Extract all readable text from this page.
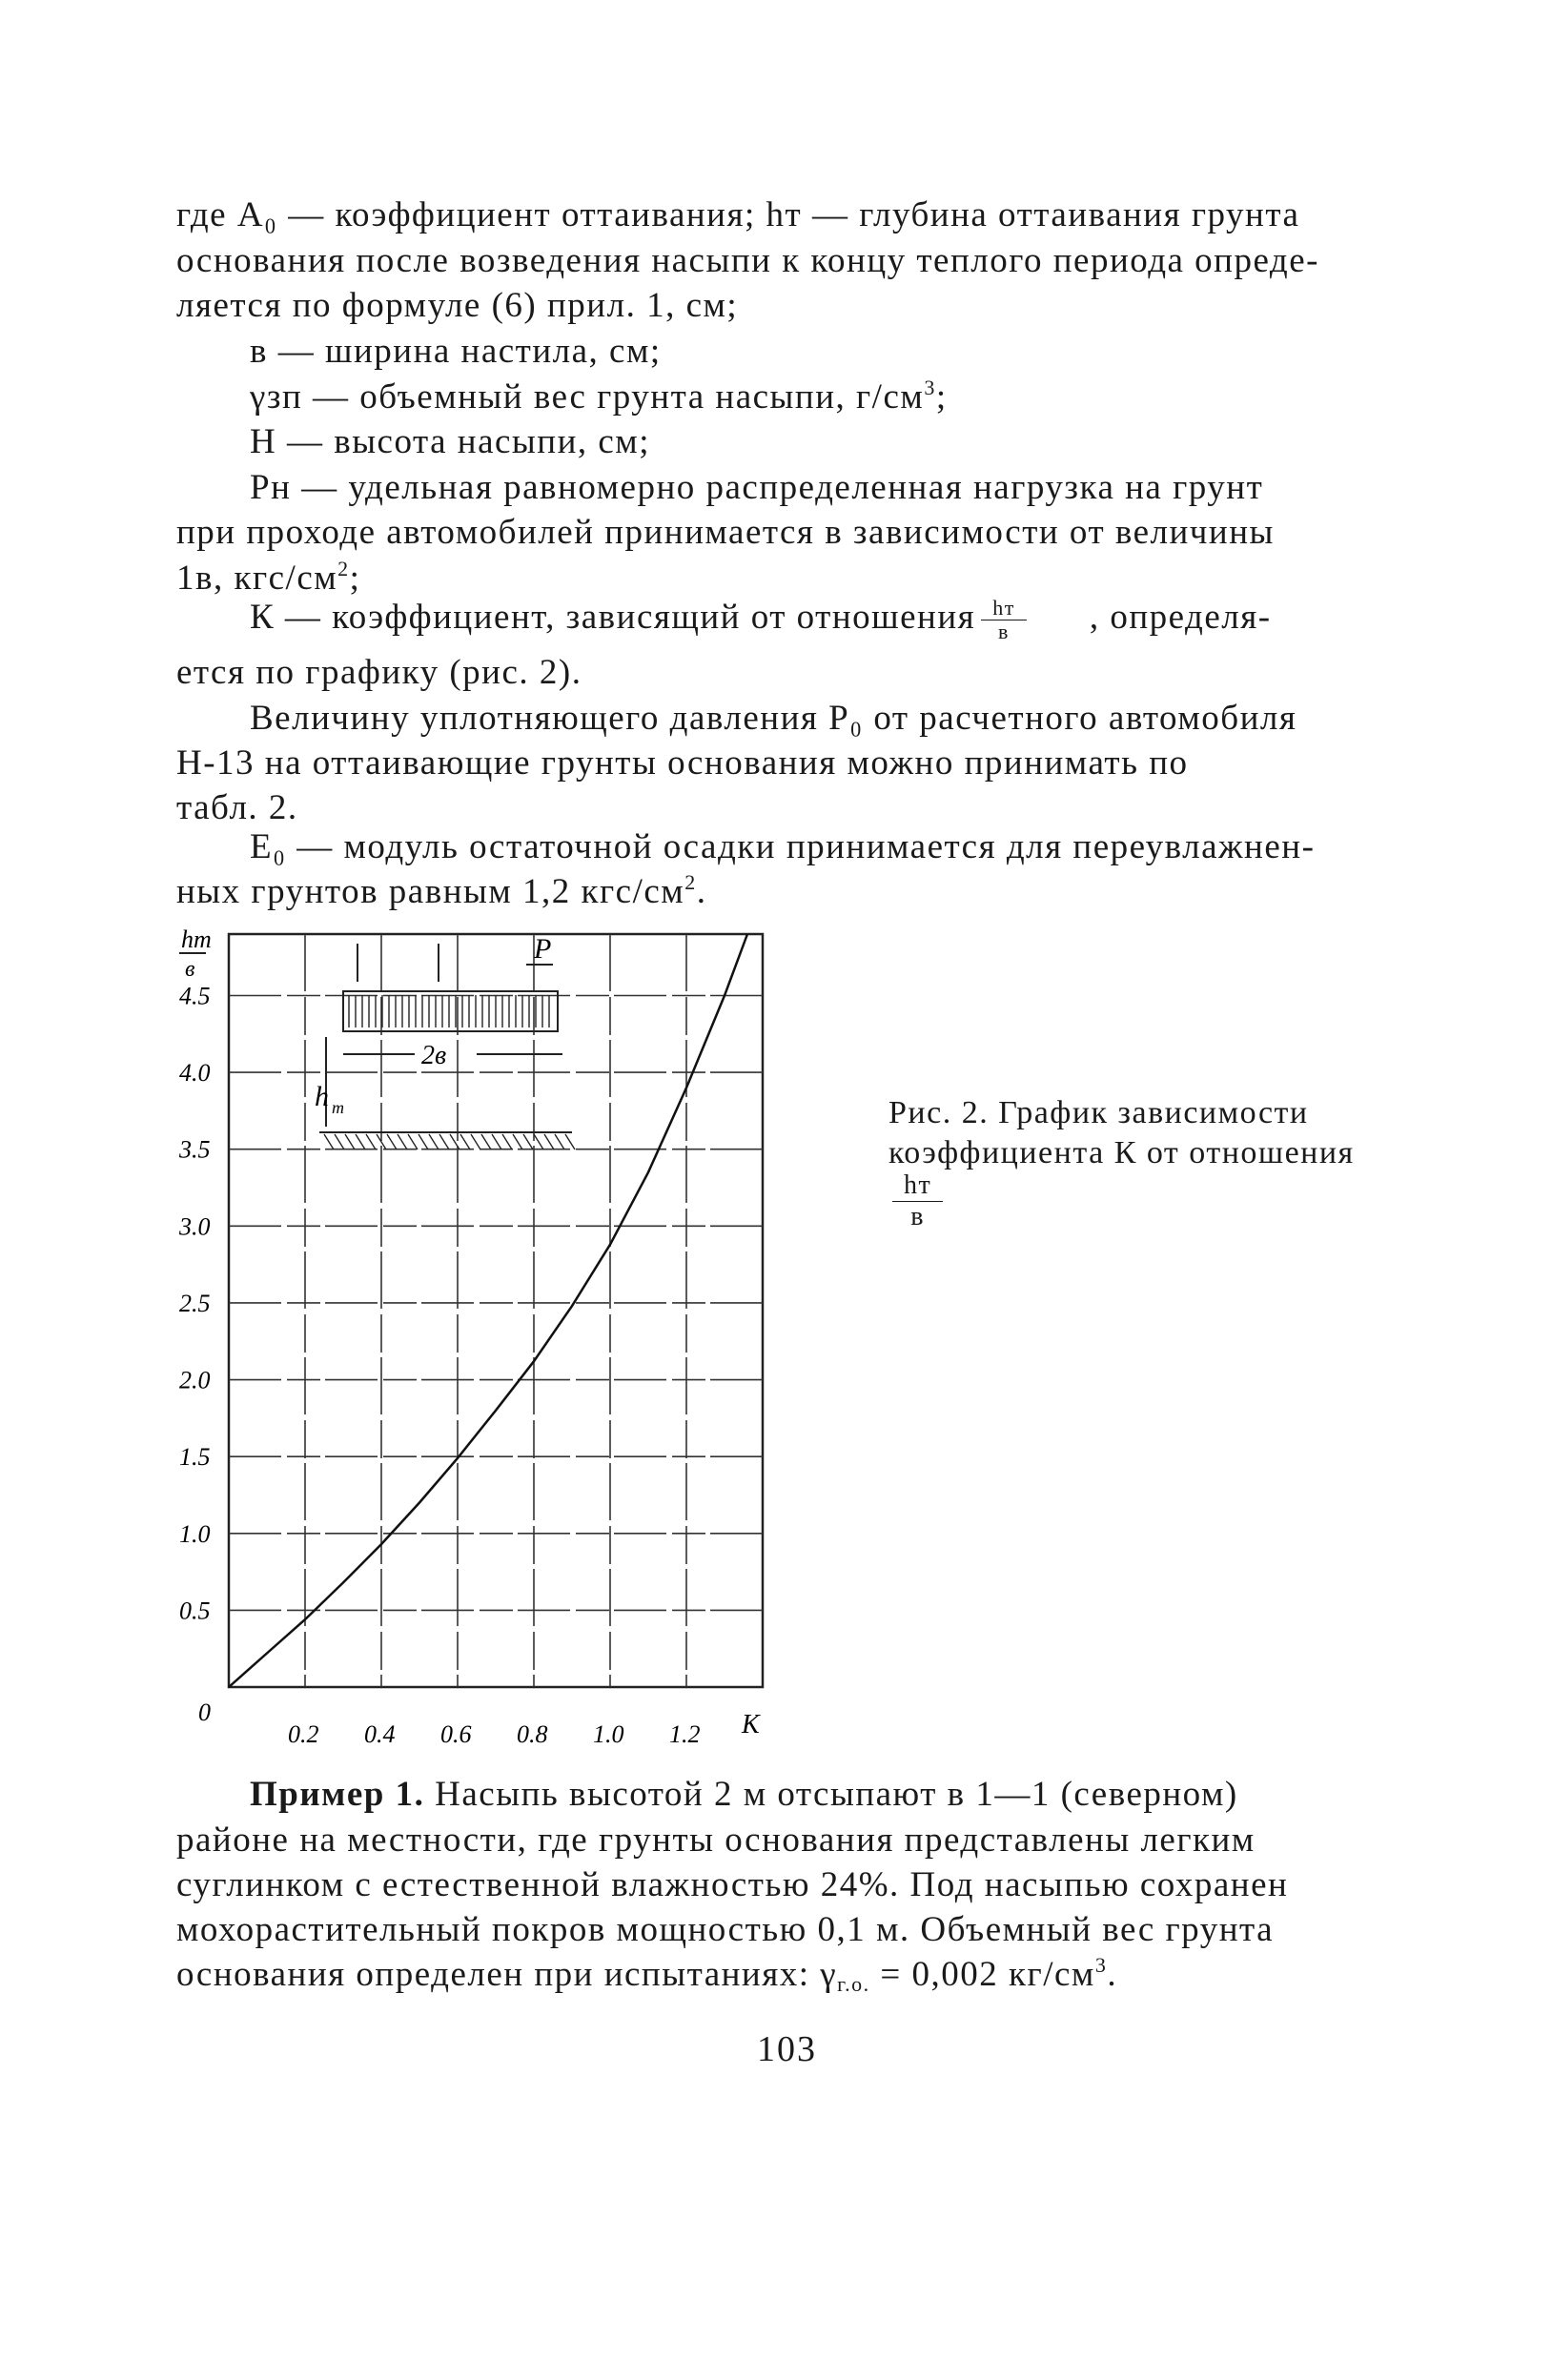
где А₀ — коэффициент оттаивания; hт — глубина оттаивания грунта
основания после возведения насыпи к концу теплого периода опреде-
ляется по формуле (6) прил. 1, см;
в — ширина настила, см;
γзп — объемный вес грунта насыпи, $г/см^3$;
Н — высота насыпи, см;
Рн — удельная равномерно распределенная нагрузка на грунт
при проходе автомобилей принимается в зависимости от величины
1в, кгс/$см^2$;
К — коэффициент, зависящий от отношения $\frac{hт}{в}$ , определя-
ется по графику (рис. 2).
Величину уплотняющего давления Р₀ от расчетного автомобиля
Н-13 на оттаивающие грунты основания можно принимать по
табл. 2.
Е₀ — модуль остаточной осадки принимается для переувлажнен-
ных грунтов равным 1,2 кгс/$см^2$.
P
2в
h т
0
0.2 0.4 0.6 0.8 1.0 1.2
0.5
1.0
1.5
2.0
2.5
3.0
3.5
4.0
4.5
hт
в
K
Рис. 2. График зависимости
коэффициента К от отношения
$\frac{hт}{в}$
Пример 1. Насыпь высотой 2 м отсыпают в 1—1 (северном)
районе на местности, где грунты основания представлены легким
суглинком с естественной влажностью 24%. Под насыпью сохранен
мохорастительный покров мощностью 0,1 м. Объемный вес грунта
основания определен при испытаниях: $\gamma_{г.о.} = 0,002$ $кг/см^3$.
103
